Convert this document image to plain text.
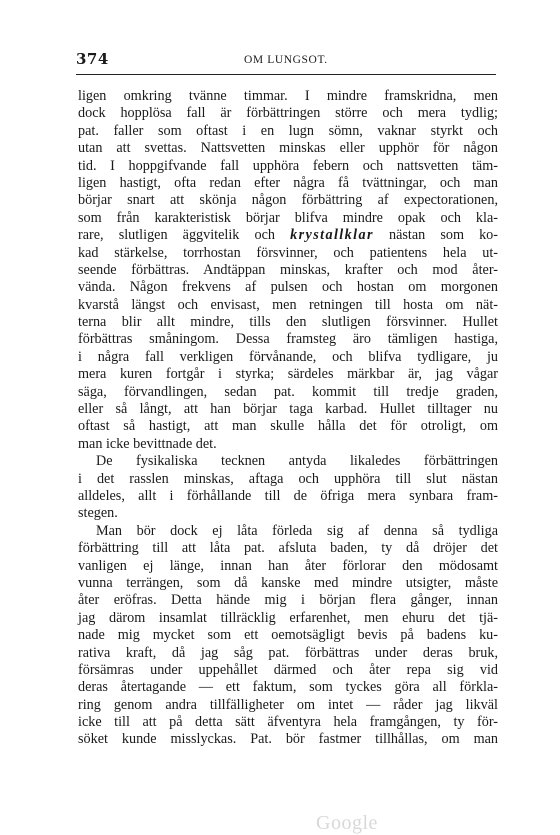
374	OM LUNGSOT.
ligen omkring tvänne timmar. I mindre framskridna, men
dock hopplösa fall är förbättringen större och mera tydlig;
pat. faller som oftast i en lugn sömn, vaknar styrkt och
utan att svettas. Nattsvetten minskas eller upphör för någon
tid. I hoppgifvande fall upphöra febern och nattsvetten täm-
ligen hastigt, ofta redan efter några få tvättningar, och man
börjar snart att skönja någon förbättring af expectorationen,
som från karakteristisk börjar blifva mindre opak och kla-
rare, slutligen äggvitelik och krystallklar nästan som ko-
kad stärkelse, torrhostan försvinner, och patientens hela ut-
seende förbättras. Andtäppan minskas, krafter och mod åter-
vända. Någon frekvens af pulsen och hostan om morgonen
kvarstå längst och envisast, men retningen till hosta om nät-
terna blir allt mindre, tills den slutligen försvinner. Hullet
förbättras småningom. Dessa framsteg äro tämligen hastiga,
i några fall verkligen förvånande, och blifva tydligare, ju
mera kuren fortgår i styrka; särdeles märkbar är, jag vågar
säga, förvandlingen, sedan pat. kommit till tredje graden,
eller så långt, att han börjar taga karbad. Hullet tilltager nu
oftast så hastigt, att man skulle hålla det för otroligt, om
man icke bevittnade det.
De fysikaliska tecknen antyda likaledes förbättringen
i det rasslen minskas, aftaga och upphöra till slut nästan
alldeles, allt i förhållande till de öfriga mera synbara fram-
stegen.
Man bör dock ej låta förleda sig af denna så tydliga
förbättring till att låta pat. afsluta baden, ty då dröjer det
vanligen ej länge, innan han åter förlorar den mödosamt
vunna terrängen, som då kanske med mindre utsigter, måste
åter eröfras. Detta hände mig i början flera gånger, innan
jag därom insamlat tillräcklig erfarenhet, men ehuru det tjä-
nade mig mycket som ett oemotsägligt bevis på badens ku-
rativa kraft, då jag såg pat. förbättras under deras bruk,
försämras under uppehållet därmed och åter repa sig vid
deras återtagande — ett faktum, som tyckes göra all förkla-
ring genom andra tillfälligheter om intet — råder jag likväl
icke till att på detta sätt äfventyra hela framgången, ty för-
söket kunde misslyckas. Pat. bör fastmer tillhållas, om man
Google
